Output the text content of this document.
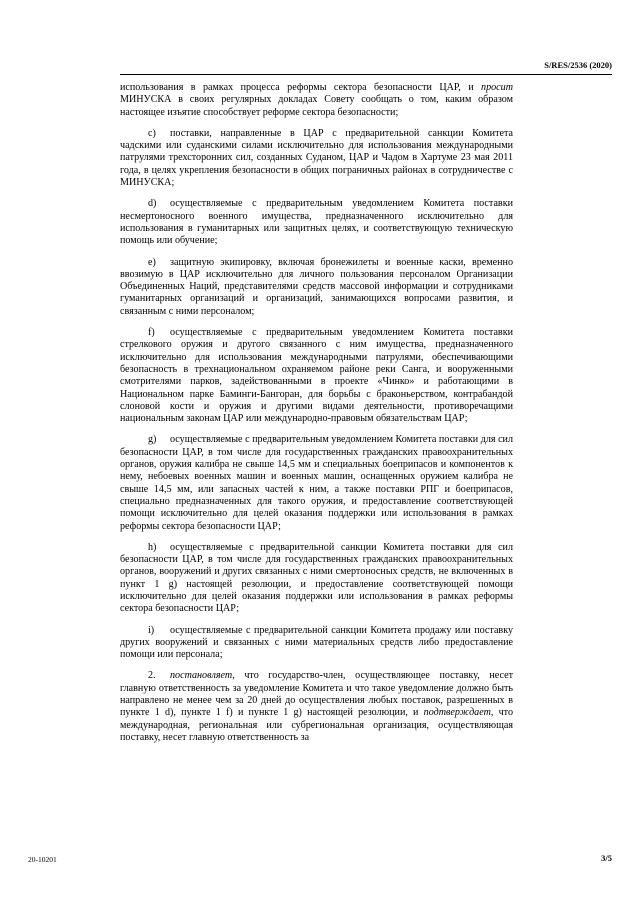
S/RES/2536 (2020)

использования в рамках процесса реформы сектора безопасности ЦАР, и просит МИНУСКА в своих регулярных докладах Совету сообщать о том, каким образом настоящее изъятие способствует реформе сектора безопасности;

c) поставки, направленные в ЦАР с предварительной санкции Комитета чадскими или суданскими силами исключительно для использования международными патрулями трехсторонних сил, созданных Суданом, ЦАР и Чадом в Хартуме 23 мая 2011 года, в целях укрепления безопасности в общих пограничных районах в сотрудничестве с МИНУСКА;

d) осуществляемые с предварительным уведомлением Комитета поставки несмертоносного военного имущества, предназначенного исключительно для использования в гуманитарных или защитных целях, и соответствующую техническую помощь или обучение;

e) защитную экипировку, включая бронежилеты и военные каски, временно ввозимую в ЦАР исключительно для личного пользования персоналом Организации Объединенных Наций, представителями средств массовой информации и сотрудниками гуманитарных организаций и организаций, занимающихся вопросами развития, и связанным с ними персоналом;

f) осуществляемые с предварительным уведомлением Комитета поставки стрелкового оружия и другого связанного с ним имущества, предназначенного исключительно для использования международными патрулями, обеспечивающими безопасность в трехнациональном охраняемом районе реки Санга, и вооруженными смотрителями парков, задействованными в проекте «Чинко» и работающими в Национальном парке Баминги-Бангоран, для борьбы с браконьерством, контрабандой слоновой кости и оружия и другими видами деятельности, противоречащими национальным законам ЦАР или международно-правовым обязательствам ЦАР;

g) осуществляемые с предварительным уведомлением Комитета поставки для сил безопасности ЦАР, в том числе для государственных гражданских правоохранительных органов, оружия калибра не свыше 14,5 мм и специальных боеприпасов и компонентов к нему, небоевых военных машин и военных машин, оснащенных оружием калибра не свыше 14,5 мм, или запасных частей к ним, а также поставки РПГ и боеприпасов, специально предназначенных для такого оружия, и предоставление соответствующей помощи исключительно для целей оказания поддержки или использования в рамках реформы сектора безопасности ЦАР;

h) осуществляемые с предварительной санкции Комитета поставки для сил безопасности ЦАР, в том числе для государственных гражданских правоохранительных органов, вооружений и других связанных с ними смертоносных средств, не включенных в пункт 1 g) настоящей резолюции, и предоставление соответствующей помощи исключительно для целей оказания поддержки или использования в рамках реформы сектора безопасности ЦАР;

i) осуществляемые с предварительной санкции Комитета продажу или поставку других вооружений и связанных с ними материальных средств либо предоставление помощи или персонала;

2. постановляет, что государство-член, осуществляющее поставку, несет главную ответственность за уведомление Комитета и что такое уведомление должно быть направлено не менее чем за 20 дней до осуществления любых поставок, разрешенных в пункте 1 d), пункте 1 f) и пункте 1 g) настоящей резолюции, и подтверждает, что международная, региональная или субрегиональная организация, осуществляющая поставку, несет главную ответственность за

20-10201	3/5
